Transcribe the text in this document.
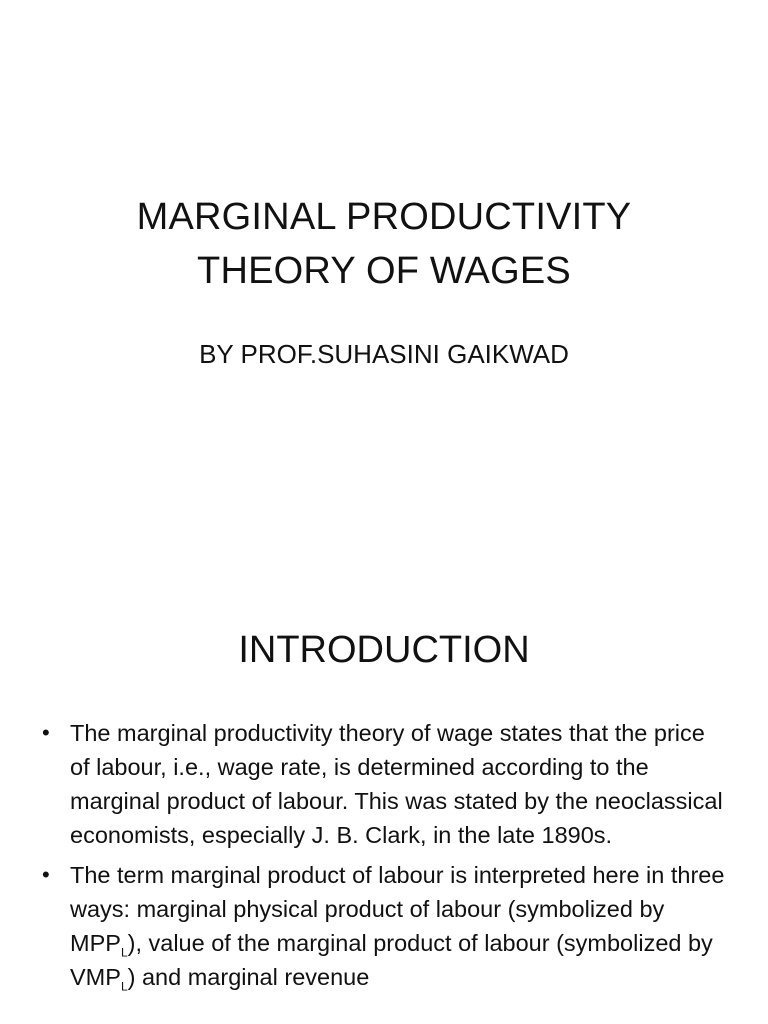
MARGINAL PRODUCTIVITY
THEORY OF WAGES
BY PROF.SUHASINI GAIKWAD
INTRODUCTION
• The marginal productivity theory of wage states that the price of labour, i.e., wage rate, is determined according to the marginal product of labour. This was stated by the neoclassical economists, especially J. B. Clark, in the late 1890s.
• The term marginal product of labour is interpreted here in three ways: marginal physical product of labour (symbolized by $MPP_L$), value of the marginal product of labour (symbolized by $VMP_L$) and marginal revenue
